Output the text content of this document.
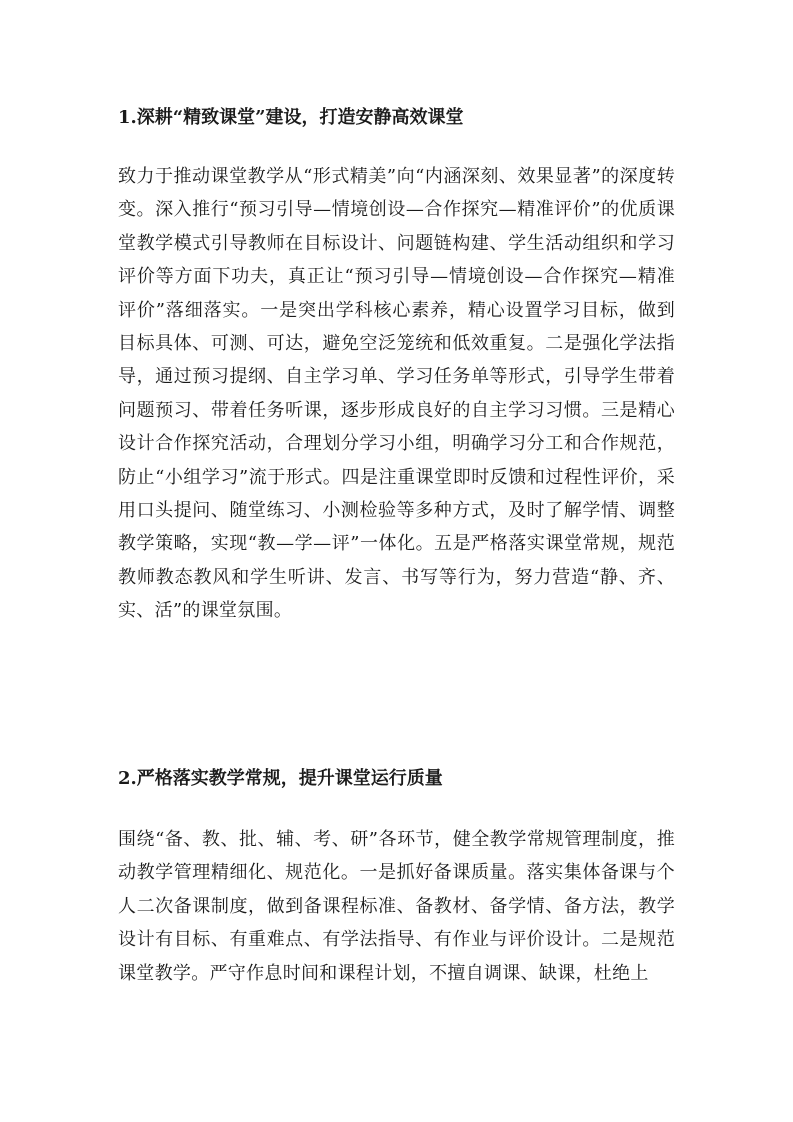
1.深耕“精致课堂”建设，打造安静高效课堂

致力于推动课堂教学从“形式精美”向“内涵深刻、效果显著”的深度转变。深入推行“预习引导—情境创设—合作探究—精准评价”的优质课堂教学模式引导教师在目标设计、问题链构建、学生活动组织和学习评价等方面下功夫，真正让“预习引导—情境创设—合作探究—精准评价”落细落实。一是突出学科核心素养，精心设置学习目标，做到目标具体、可测、可达，避免空泛笼统和低效重复。二是强化学法指导，通过预习提纲、自主学习单、学习任务单等形式，引导学生带着问题预习、带着任务听课，逐步形成良好的自主学习习惯。三是精心设计合作探究活动，合理划分学习小组，明确学习分工和合作规范，防止“小组学习”流于形式。四是注重课堂即时反馈和过程性评价，采用口头提问、随堂练习、小测检验等多种方式，及时了解学情、调整教学策略，实现“教—学—评”一体化。五是严格落实课堂常规，规范教师教态教风和学生听讲、发言、书写等行为，努力营造“静、齐、实、活”的课堂氛围。

2.严格落实教学常规，提升课堂运行质量

围绕“备、教、批、辅、考、研”各环节，健全教学常规管理制度，推动教学管理精细化、规范化。一是抓好备课质量。落实集体备课与个人二次备课制度，做到备课程标准、备教材、备学情、备方法，教学设计有目标、有重难点、有学法指导、有作业与评价设计。二是规范课堂教学。严守作息时间和课程计划，不擅自调课、缺课，杜绝上
